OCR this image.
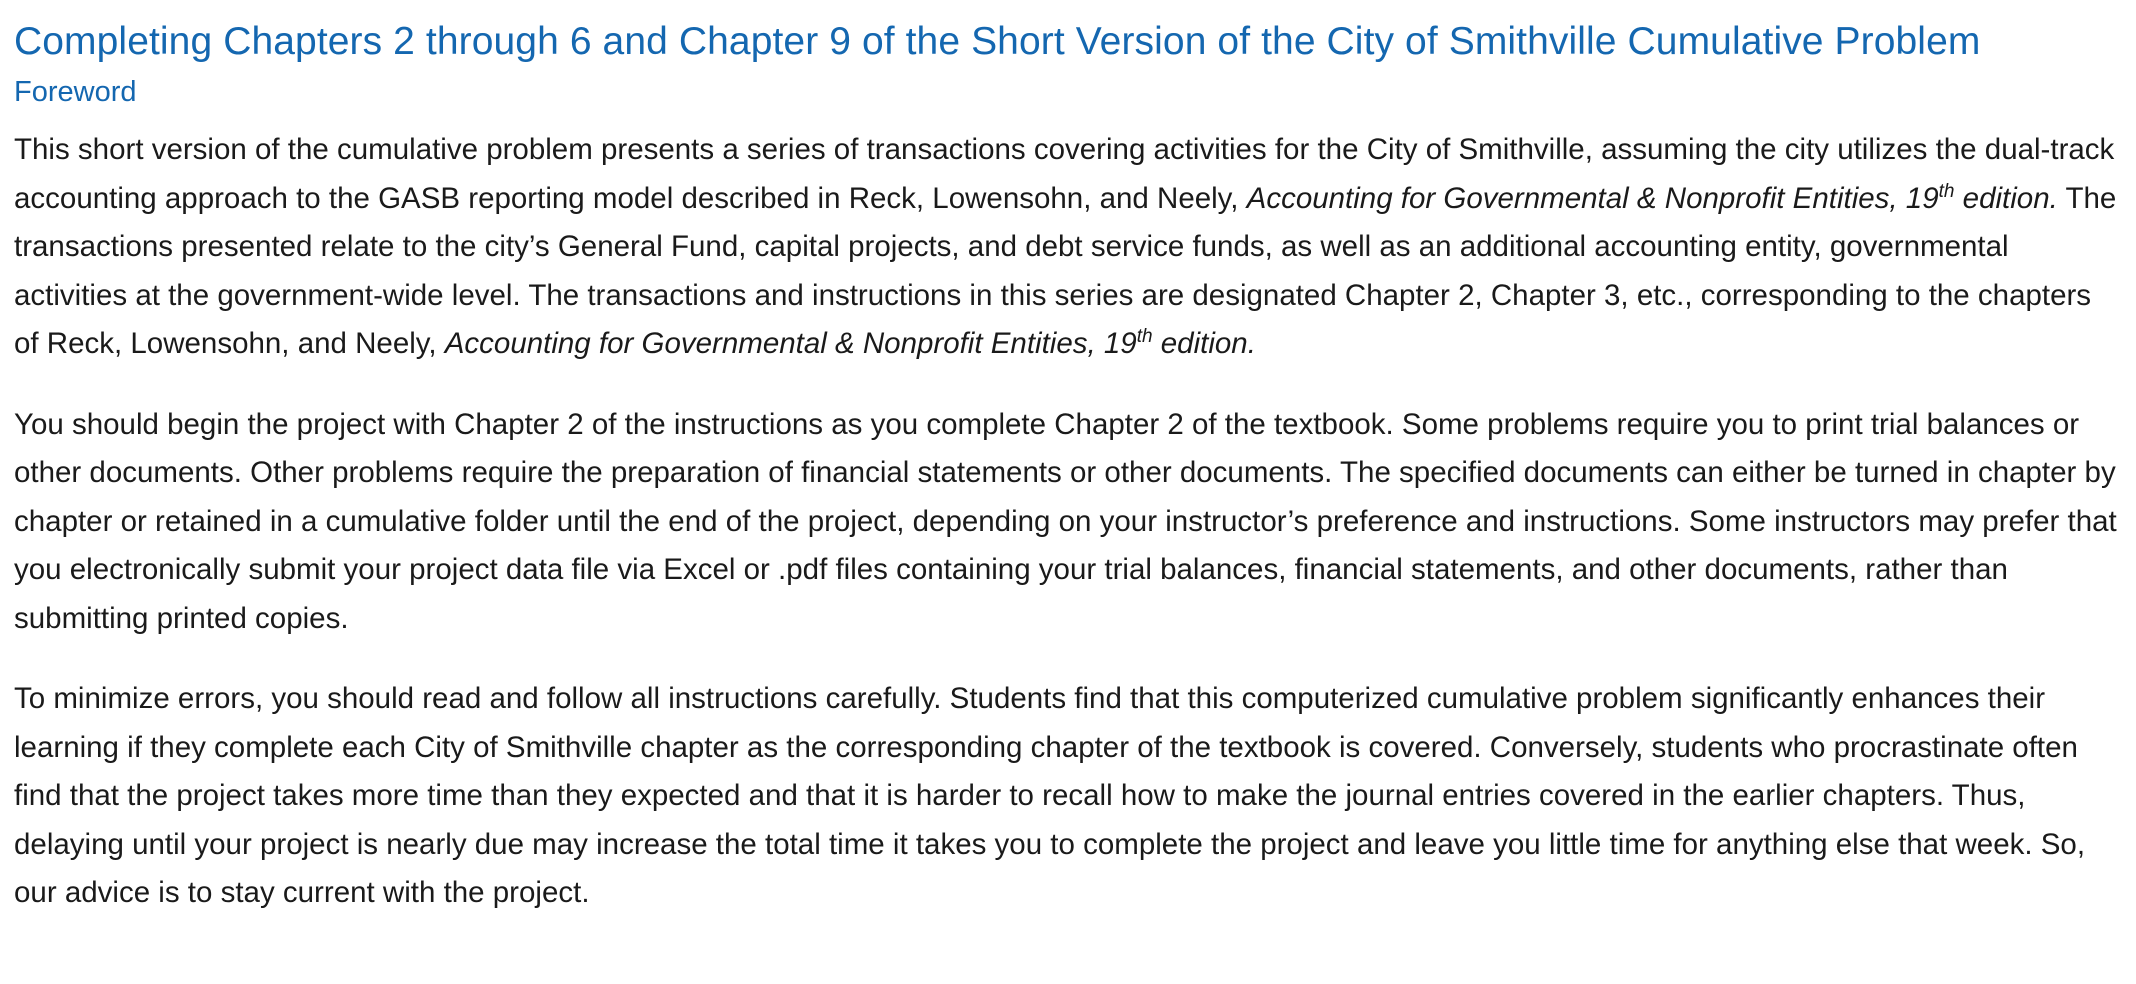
Completing Chapters 2 through 6 and Chapter 9 of the Short Version of the City of Smithville Cumulative Problem
Foreword

This short version of the cumulative problem presents a series of transactions covering activities for the City of Smithville, assuming the city utilizes the dual-track accounting approach to the GASB reporting model described in Reck, Lowensohn, and Neely, Accounting for Governmental & Nonprofit Entities, 19th edition. The transactions presented relate to the city’s General Fund, capital projects, and debt service funds, as well as an additional accounting entity, governmental activities at the government-wide level. The transactions and instructions in this series are designated Chapter 2, Chapter 3, etc., corresponding to the chapters of Reck, Lowensohn, and Neely, Accounting for Governmental & Nonprofit Entities, 19th edition.

You should begin the project with Chapter 2 of the instructions as you complete Chapter 2 of the textbook. Some problems require you to print trial balances or other documents. Other problems require the preparation of financial statements or other documents. The specified documents can either be turned in chapter by chapter or retained in a cumulative folder until the end of the project, depending on your instructor’s preference and instructions. Some instructors may prefer that you electronically submit your project data file via Excel or .pdf files containing your trial balances, financial statements, and other documents, rather than submitting printed copies.

To minimize errors, you should read and follow all instructions carefully. Students find that this computerized cumulative problem significantly enhances their learning if they complete each City of Smithville chapter as the corresponding chapter of the textbook is covered. Conversely, students who procrastinate often find that the project takes more time than they expected and that it is harder to recall how to make the journal entries covered in the earlier chapters. Thus, delaying until your project is nearly due may increase the total time it takes you to complete the project and leave you little time for anything else that week. So, our advice is to stay current with the project.
